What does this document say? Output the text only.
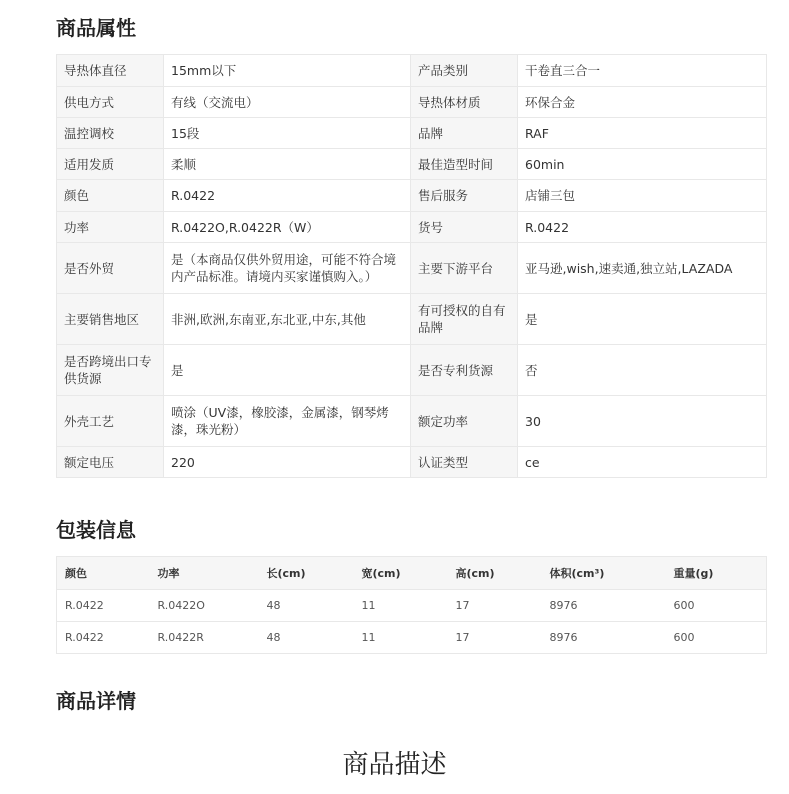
商品属性
导热体直径	15mm以下	产品类别	干卷直三合一
供电方式	有线（交流电）	导热体材质	环保合金
温控调校	15段	品牌	RAF
适用发质	柔顺	最佳造型时间	60min
颜色	R.0422	售后服务	店铺三包
功率	R.0422O,R.0422R（W）	货号	R.0422
是否外贸	是（本商品仅供外贸用途，可能不符合境内产品标准。请境内买家谨慎购入。）	主要下游平台	亚马逊,wish,速卖通,独立站,LAZADA
主要销售地区	非洲,欧洲,东南亚,东北亚,中东,其他	有可授权的自有品牌	是
是否跨境出口专供货源	是	是否专利货源	否
外壳工艺	喷涂（UV漆，橡胶漆，金属漆，钢琴烤漆，珠光粉）	额定功率	30
额定电压	220	认证类型	ce
包装信息
颜色	功率	长(cm)	宽(cm)	高(cm)	体积(cm³)	重量(g)
R.0422	R.0422O	48	11	17	8976	600
R.0422	R.0422R	48	11	17	8976	600
商品详情
商品描述
